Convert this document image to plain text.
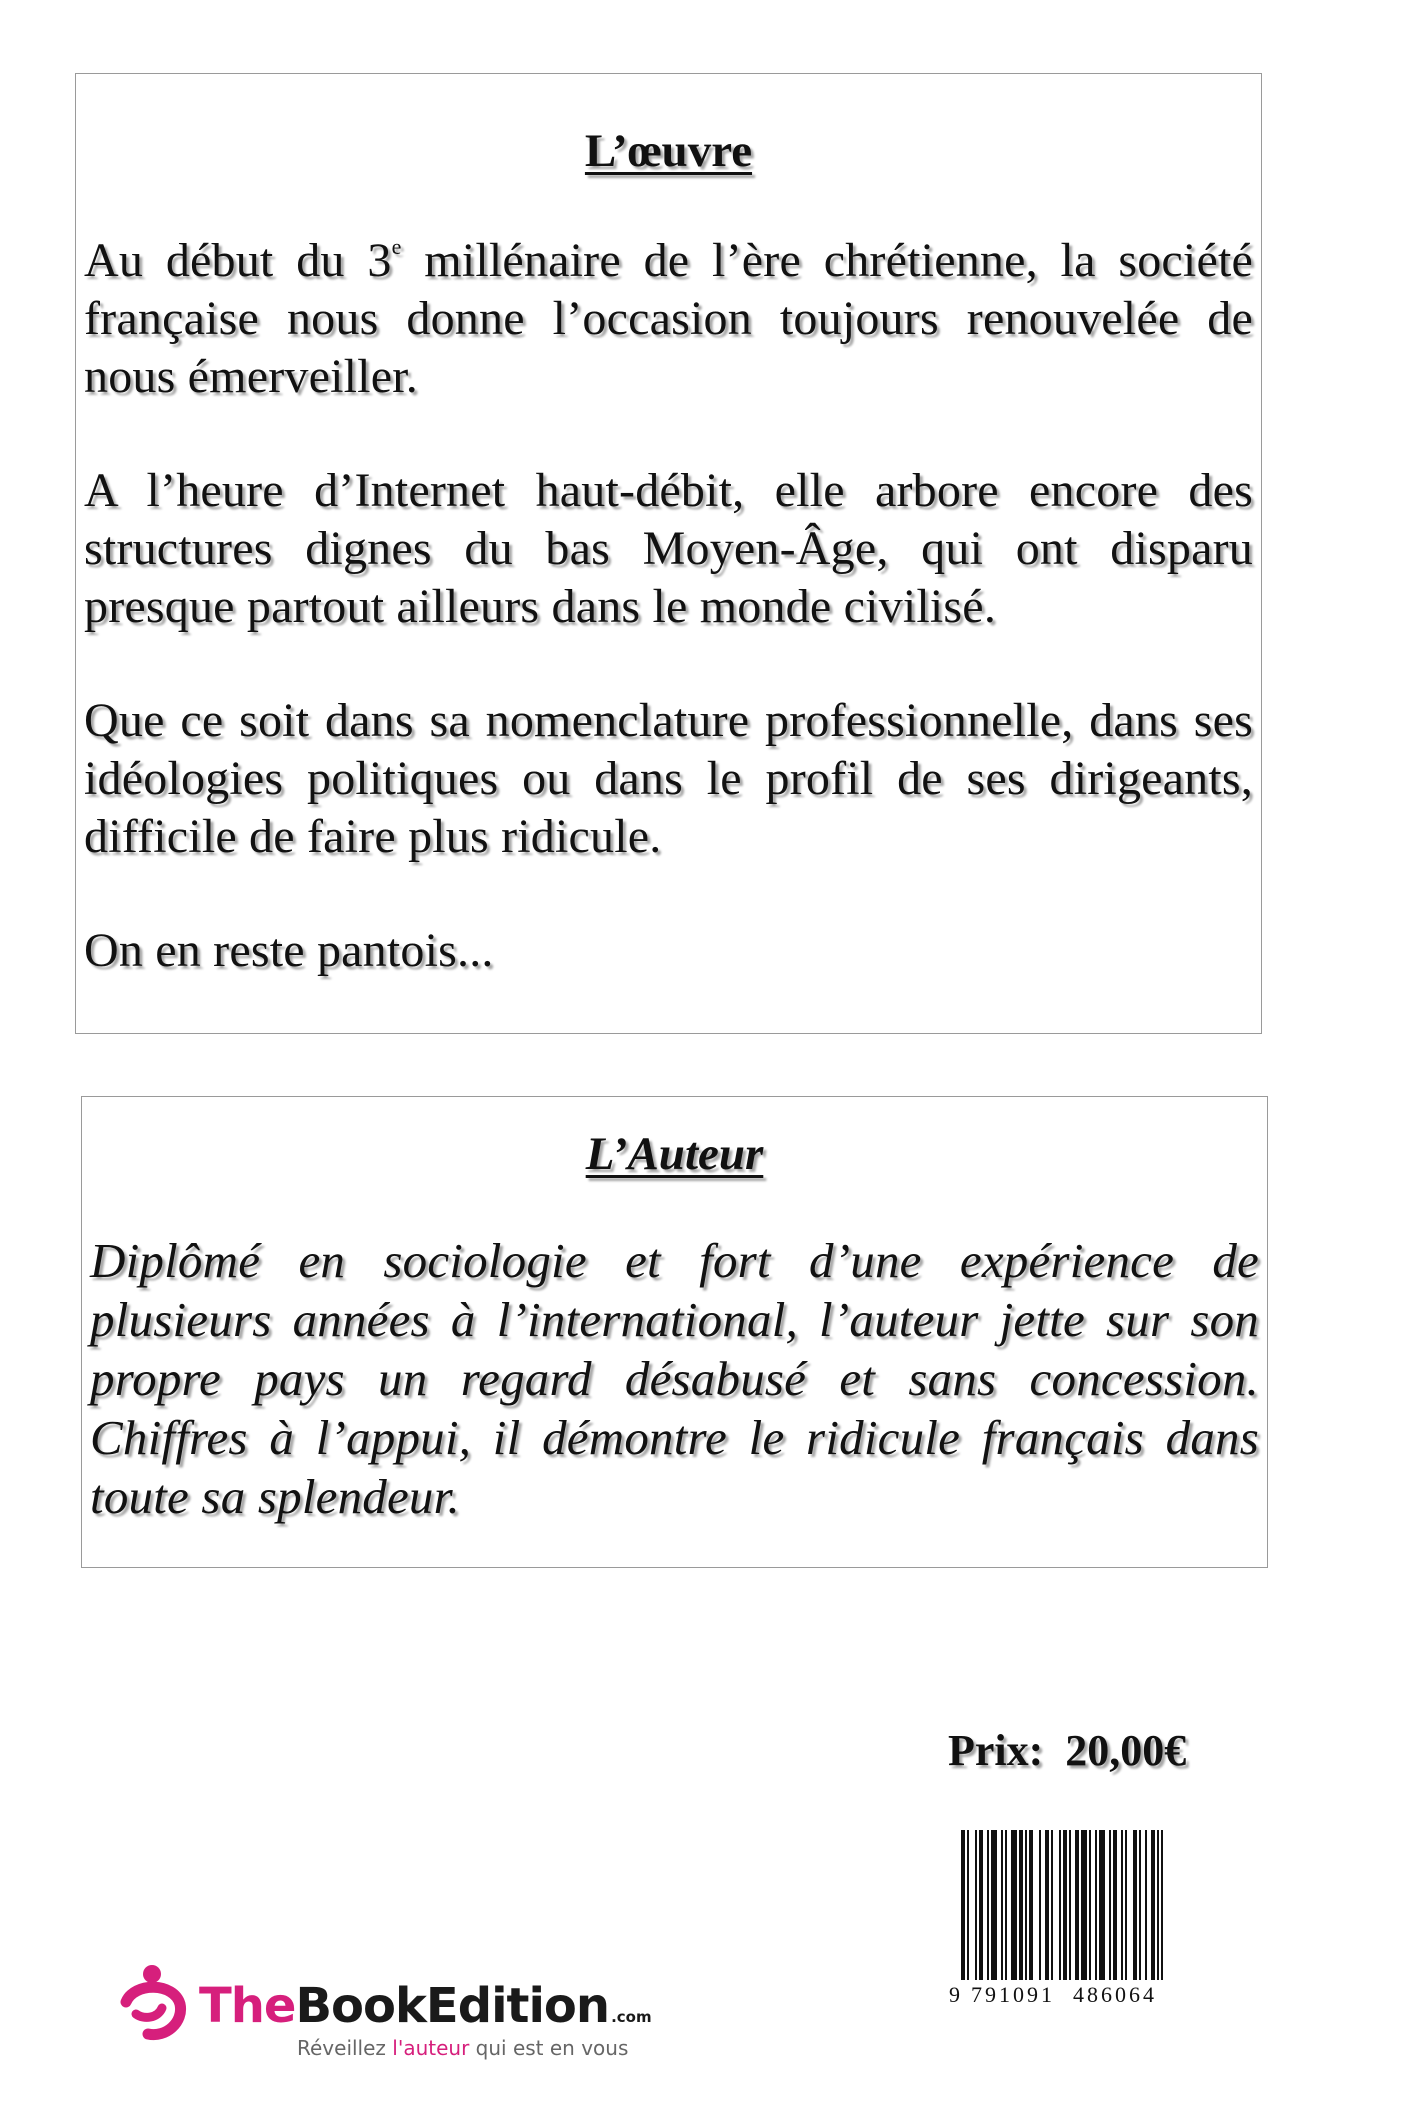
L’œuvre

Au début du 3e millénaire de l’ère chrétienne, la société française nous donne l’occasion toujours renouvelée de nous émerveiller.

A l’heure d’Internet haut-débit, elle arbore encore des structures dignes du bas Moyen-Âge, qui ont disparu presque partout ailleurs dans le monde civilisé.

Que ce soit dans sa nomenclature professionnelle, dans ses idéologies politiques ou dans le profil de ses dirigeants, difficile de faire plus ridicule.

On en reste pantois...

L’Auteur

Diplômé en sociologie et fort d’une expérience de plusieurs années à l’international, l’auteur jette sur son propre pays un regard désabusé et sans concession. Chiffres à l’appui, il démontre le ridicule français dans toute sa splendeur.

Prix:  20,00€
9 791091 486064
TheBookEdition .com
Réveillez l'auteur qui est en vous
